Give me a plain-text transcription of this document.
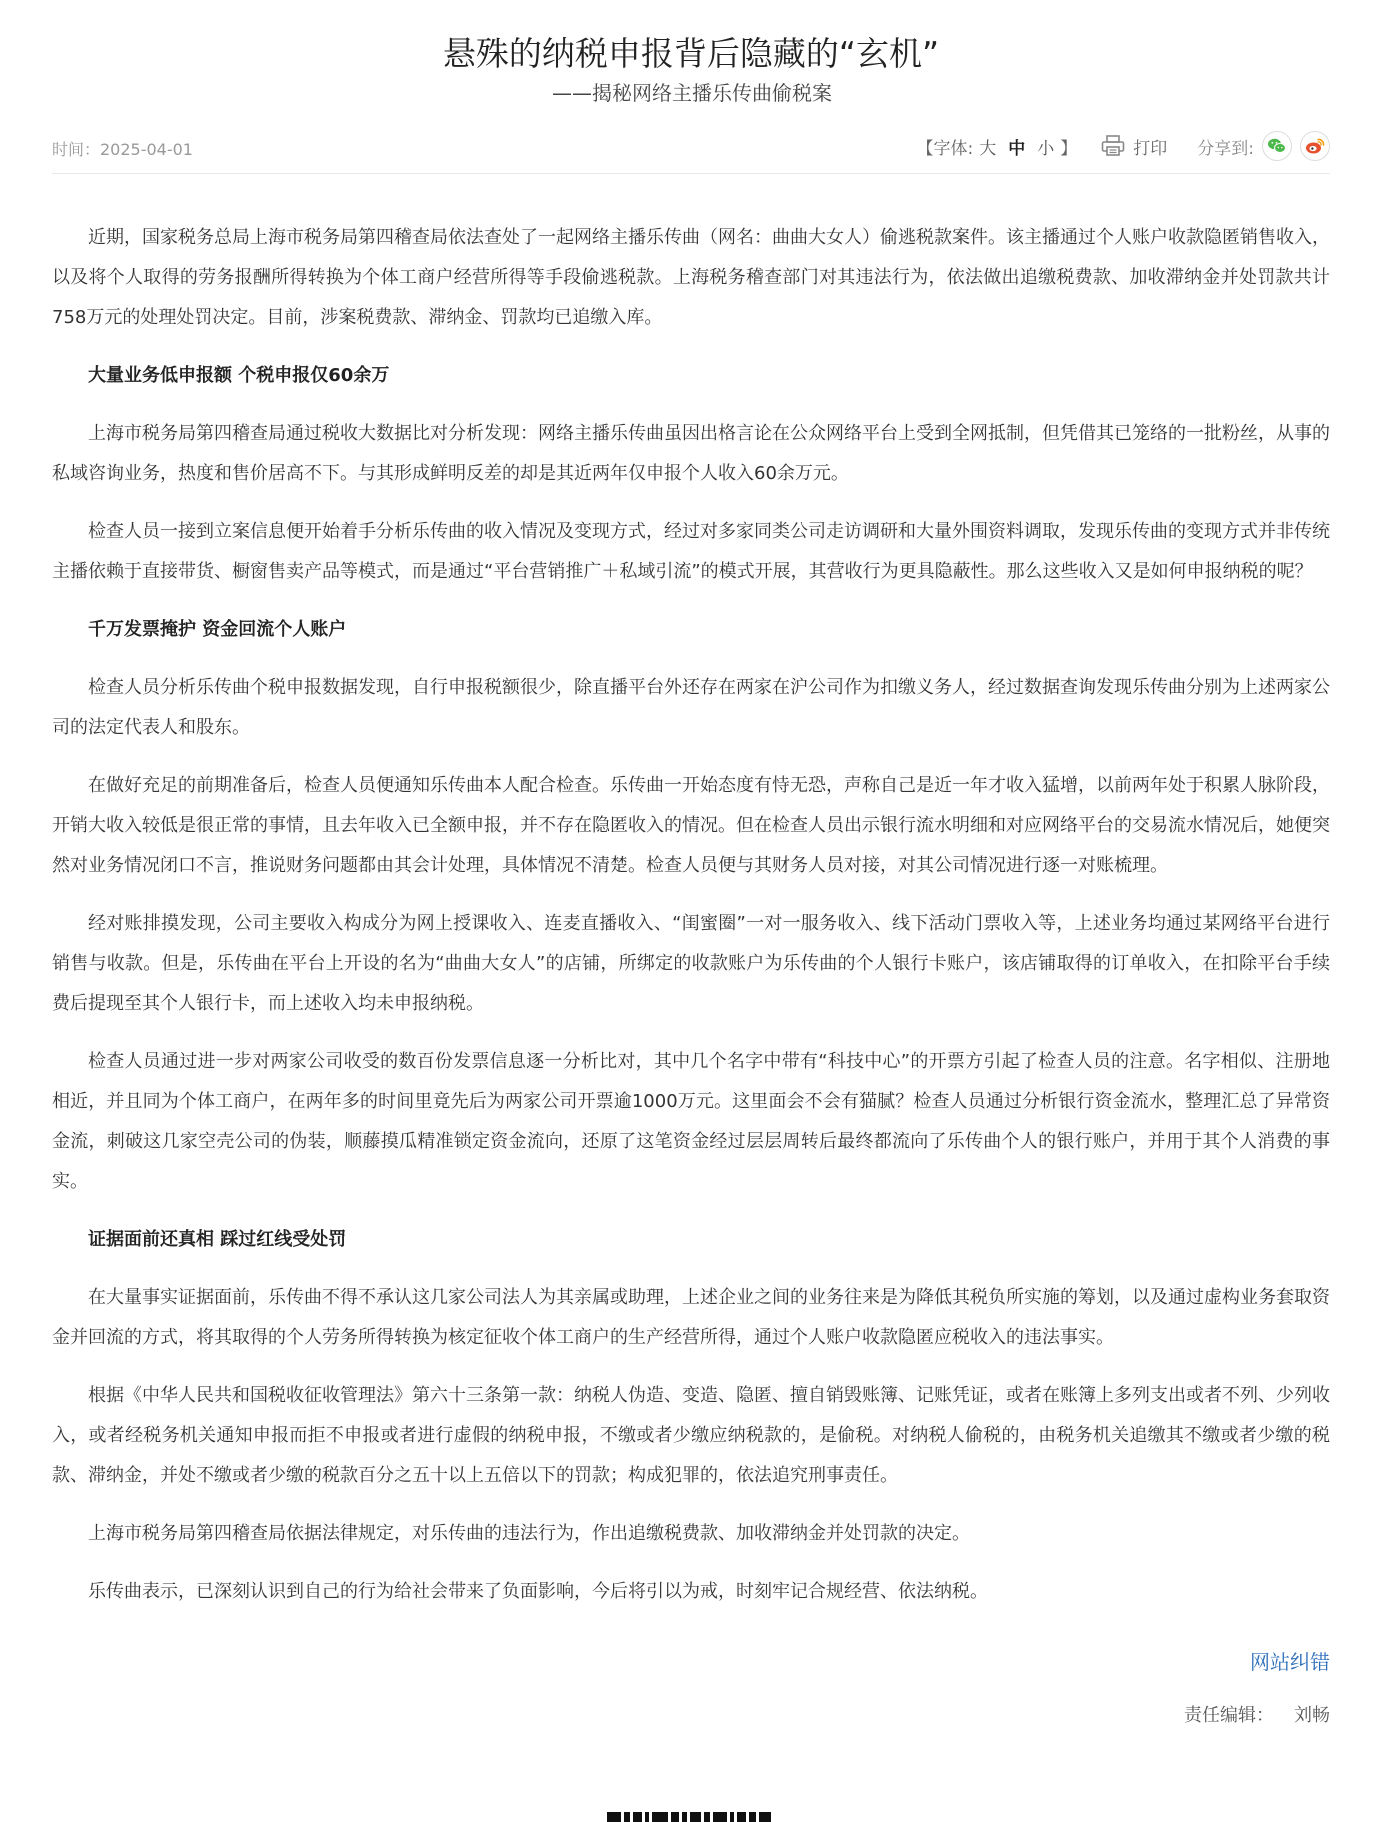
悬殊的纳税申报背后隐藏的“玄机”
——揭秘网络主播乐传曲偷税案
时间：2025-04-01	【字体: 大 中 小 】	打印 分享到:

近期，国家税务总局上海市税务局第四稽查局依法查处了一起网络主播乐传曲（网名：曲曲大女人）偷逃税款案件。该主播通过个人账户收款隐匿销售收入，以及将个人取得的劳务报酬所得转换为个体工商户经营所得等手段偷逃税款。上海税务稽查部门对其违法行为，依法做出追缴税费款、加收滞纳金并处罚款共计758万元的处理处罚决定。目前，涉案税费款、滞纳金、罚款均已追缴入库。

大量业务低申报额 个税申报仅60余万

上海市税务局第四稽查局通过税收大数据比对分析发现：网络主播乐传曲虽因出格言论在公众网络平台上受到全网抵制，但凭借其已笼络的一批粉丝，从事的私域咨询业务，热度和售价居高不下。与其形成鲜明反差的却是其近两年仅申报个人收入60余万元。

检查人员一接到立案信息便开始着手分析乐传曲的收入情况及变现方式，经过对多家同类公司走访调研和大量外围资料调取，发现乐传曲的变现方式并非传统主播依赖于直接带货、橱窗售卖产品等模式，而是通过“平台营销推广＋私域引流”的模式开展，其营收行为更具隐蔽性。那么这些收入又是如何申报纳税的呢？

千万发票掩护 资金回流个人账户

检查人员分析乐传曲个税申报数据发现，自行申报税额很少，除直播平台外还存在两家在沪公司作为扣缴义务人，经过数据查询发现乐传曲分别为上述两家公司的法定代表人和股东。

在做好充足的前期准备后，检查人员便通知乐传曲本人配合检查。乐传曲一开始态度有恃无恐，声称自己是近一年才收入猛增，以前两年处于积累人脉阶段，开销大收入较低是很正常的事情，且去年收入已全额申报，并不存在隐匿收入的情况。但在检查人员出示银行流水明细和对应网络平台的交易流水情况后，她便突然对业务情况闭口不言，推说财务问题都由其会计处理，具体情况不清楚。检查人员便与其财务人员对接，对其公司情况进行逐一对账梳理。

经对账排摸发现，公司主要收入构成分为网上授课收入、连麦直播收入、“闺蜜圈”一对一服务收入、线下活动门票收入等，上述业务均通过某网络平台进行销售与收款。但是，乐传曲在平台上开设的名为“曲曲大女人”的店铺，所绑定的收款账户为乐传曲的个人银行卡账户，该店铺取得的订单收入，在扣除平台手续费后提现至其个人银行卡，而上述收入均未申报纳税。

检查人员通过进一步对两家公司收受的数百份发票信息逐一分析比对，其中几个名字中带有“科技中心”的开票方引起了检查人员的注意。名字相似、注册地相近，并且同为个体工商户，在两年多的时间里竟先后为两家公司开票逾1000万元。这里面会不会有猫腻？检查人员通过分析银行资金流水，整理汇总了异常资金流，刺破这几家空壳公司的伪装，顺藤摸瓜精准锁定资金流向，还原了这笔资金经过层层周转后最终都流向了乐传曲个人的银行账户，并用于其个人消费的事实。

证据面前还真相 踩过红线受处罚

在大量事实证据面前，乐传曲不得不承认这几家公司法人为其亲属或助理，上述企业之间的业务往来是为降低其税负所实施的筹划，以及通过虚构业务套取资金并回流的方式，将其取得的个人劳务所得转换为核定征收个体工商户的生产经营所得，通过个人账户收款隐匿应税收入的违法事实。

根据《中华人民共和国税收征收管理法》第六十三条第一款：纳税人伪造、变造、隐匿、擅自销毁账簿、记账凭证，或者在账簿上多列支出或者不列、少列收入，或者经税务机关通知申报而拒不申报或者进行虚假的纳税申报，不缴或者少缴应纳税款的，是偷税。对纳税人偷税的，由税务机关追缴其不缴或者少缴的税款、滞纳金，并处不缴或者少缴的税款百分之五十以上五倍以下的罚款；构成犯罪的，依法追究刑事责任。

上海市税务局第四稽查局依据法律规定，对乐传曲的违法行为，作出追缴税费款、加收滞纳金并处罚款的决定。

乐传曲表示，已深刻认识到自己的行为给社会带来了负面影响，今后将引以为戒，时刻牢记合规经营、依法纳税。

网站纠错
责任编辑： 刘畅
